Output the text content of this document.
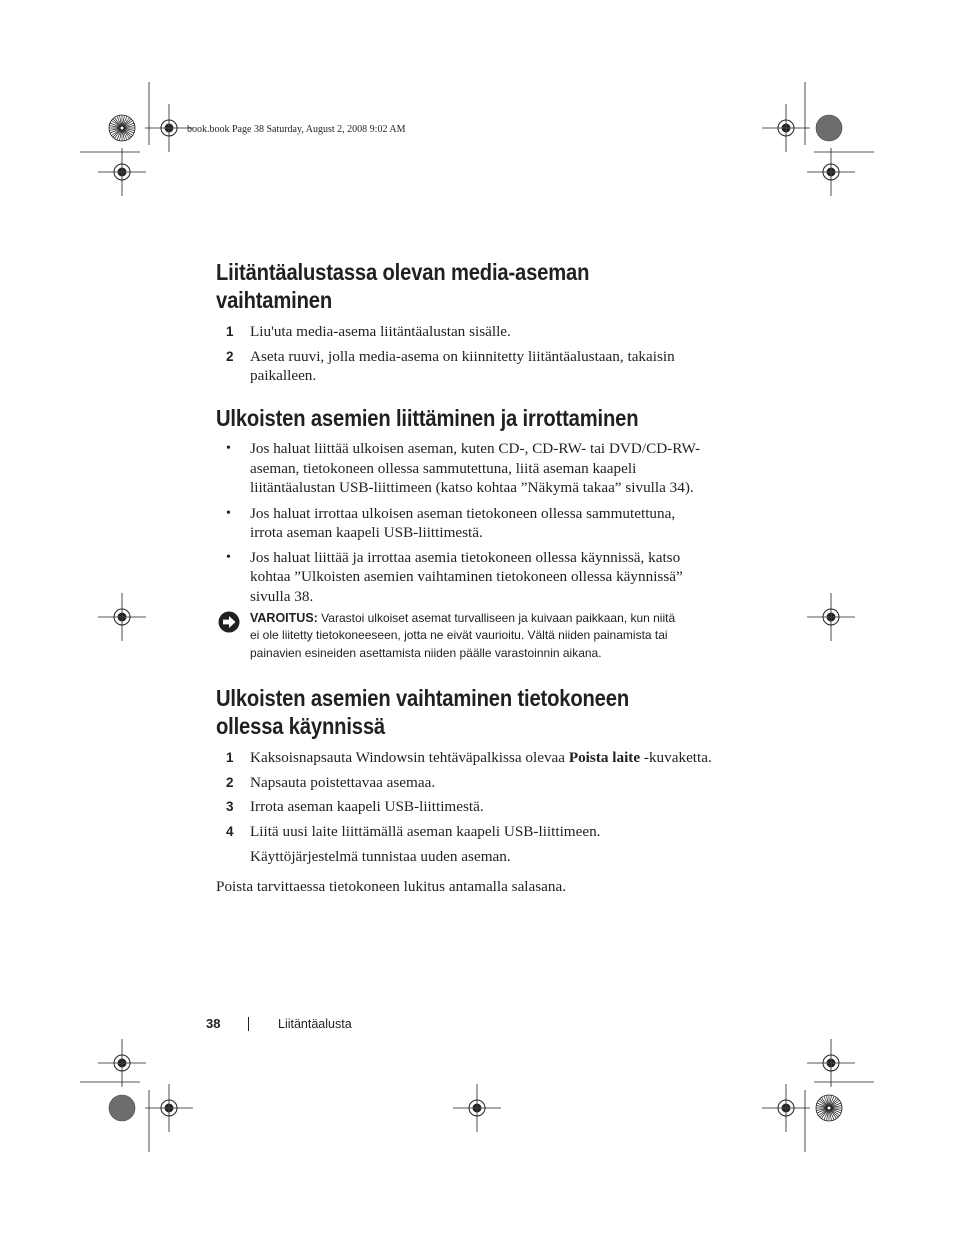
book.book Page 38 Saturday, August 2, 2008 9:02 AM
Liitäntäalustassa olevan media-aseman
vaihtaminen
1 Liu'uta media-asema liitäntäalustan sisälle.
2 Aseta ruuvi, jolla media-asema on kiinnitetty liitäntäalustaan, takaisin
paikalleen.
Ulkoisten asemien liittäminen ja irrottaminen
• Jos haluat liittää ulkoisen aseman, kuten CD-, CD-RW- tai DVD/CD-RW-
aseman, tietokoneen ollessa sammutettuna, liitä aseman kaapeli
liitäntäalustan USB-liittimeen (katso kohtaa ”Näkymä takaa” sivulla 34).
• Jos haluat irrottaa ulkoisen aseman tietokoneen ollessa sammutettuna,
irrota aseman kaapeli USB-liittimestä.
• Jos haluat liittää ja irrottaa asemia tietokoneen ollessa käynnissä, katso
kohtaa ”Ulkoisten asemien vaihtaminen tietokoneen ollessa käynnissä”
sivulla 38.
VAROITUS: Varastoi ulkoiset asemat turvalliseen ja kuivaan paikkaan, kun niitä
ei ole liitetty tietokoneeseen, jotta ne eivät vaurioitu. Vältä niiden painamista tai
painavien esineiden asettamista niiden päälle varastoinnin aikana.
Ulkoisten asemien vaihtaminen tietokoneen
ollessa käynnissä
1 Kaksoisnapsauta Windowsin tehtäväpalkissa olevaa Poista laite -kuvaketta.
2 Napsauta poistettavaa asemaa.
3 Irrota aseman kaapeli USB-liittimestä.
4 Liitä uusi laite liittämällä aseman kaapeli USB-liittimeen.
Käyttöjärjestelmä tunnistaa uuden aseman.
Poista tarvittaessa tietokoneen lukitus antamalla salasana.
38	Liitäntäalusta
